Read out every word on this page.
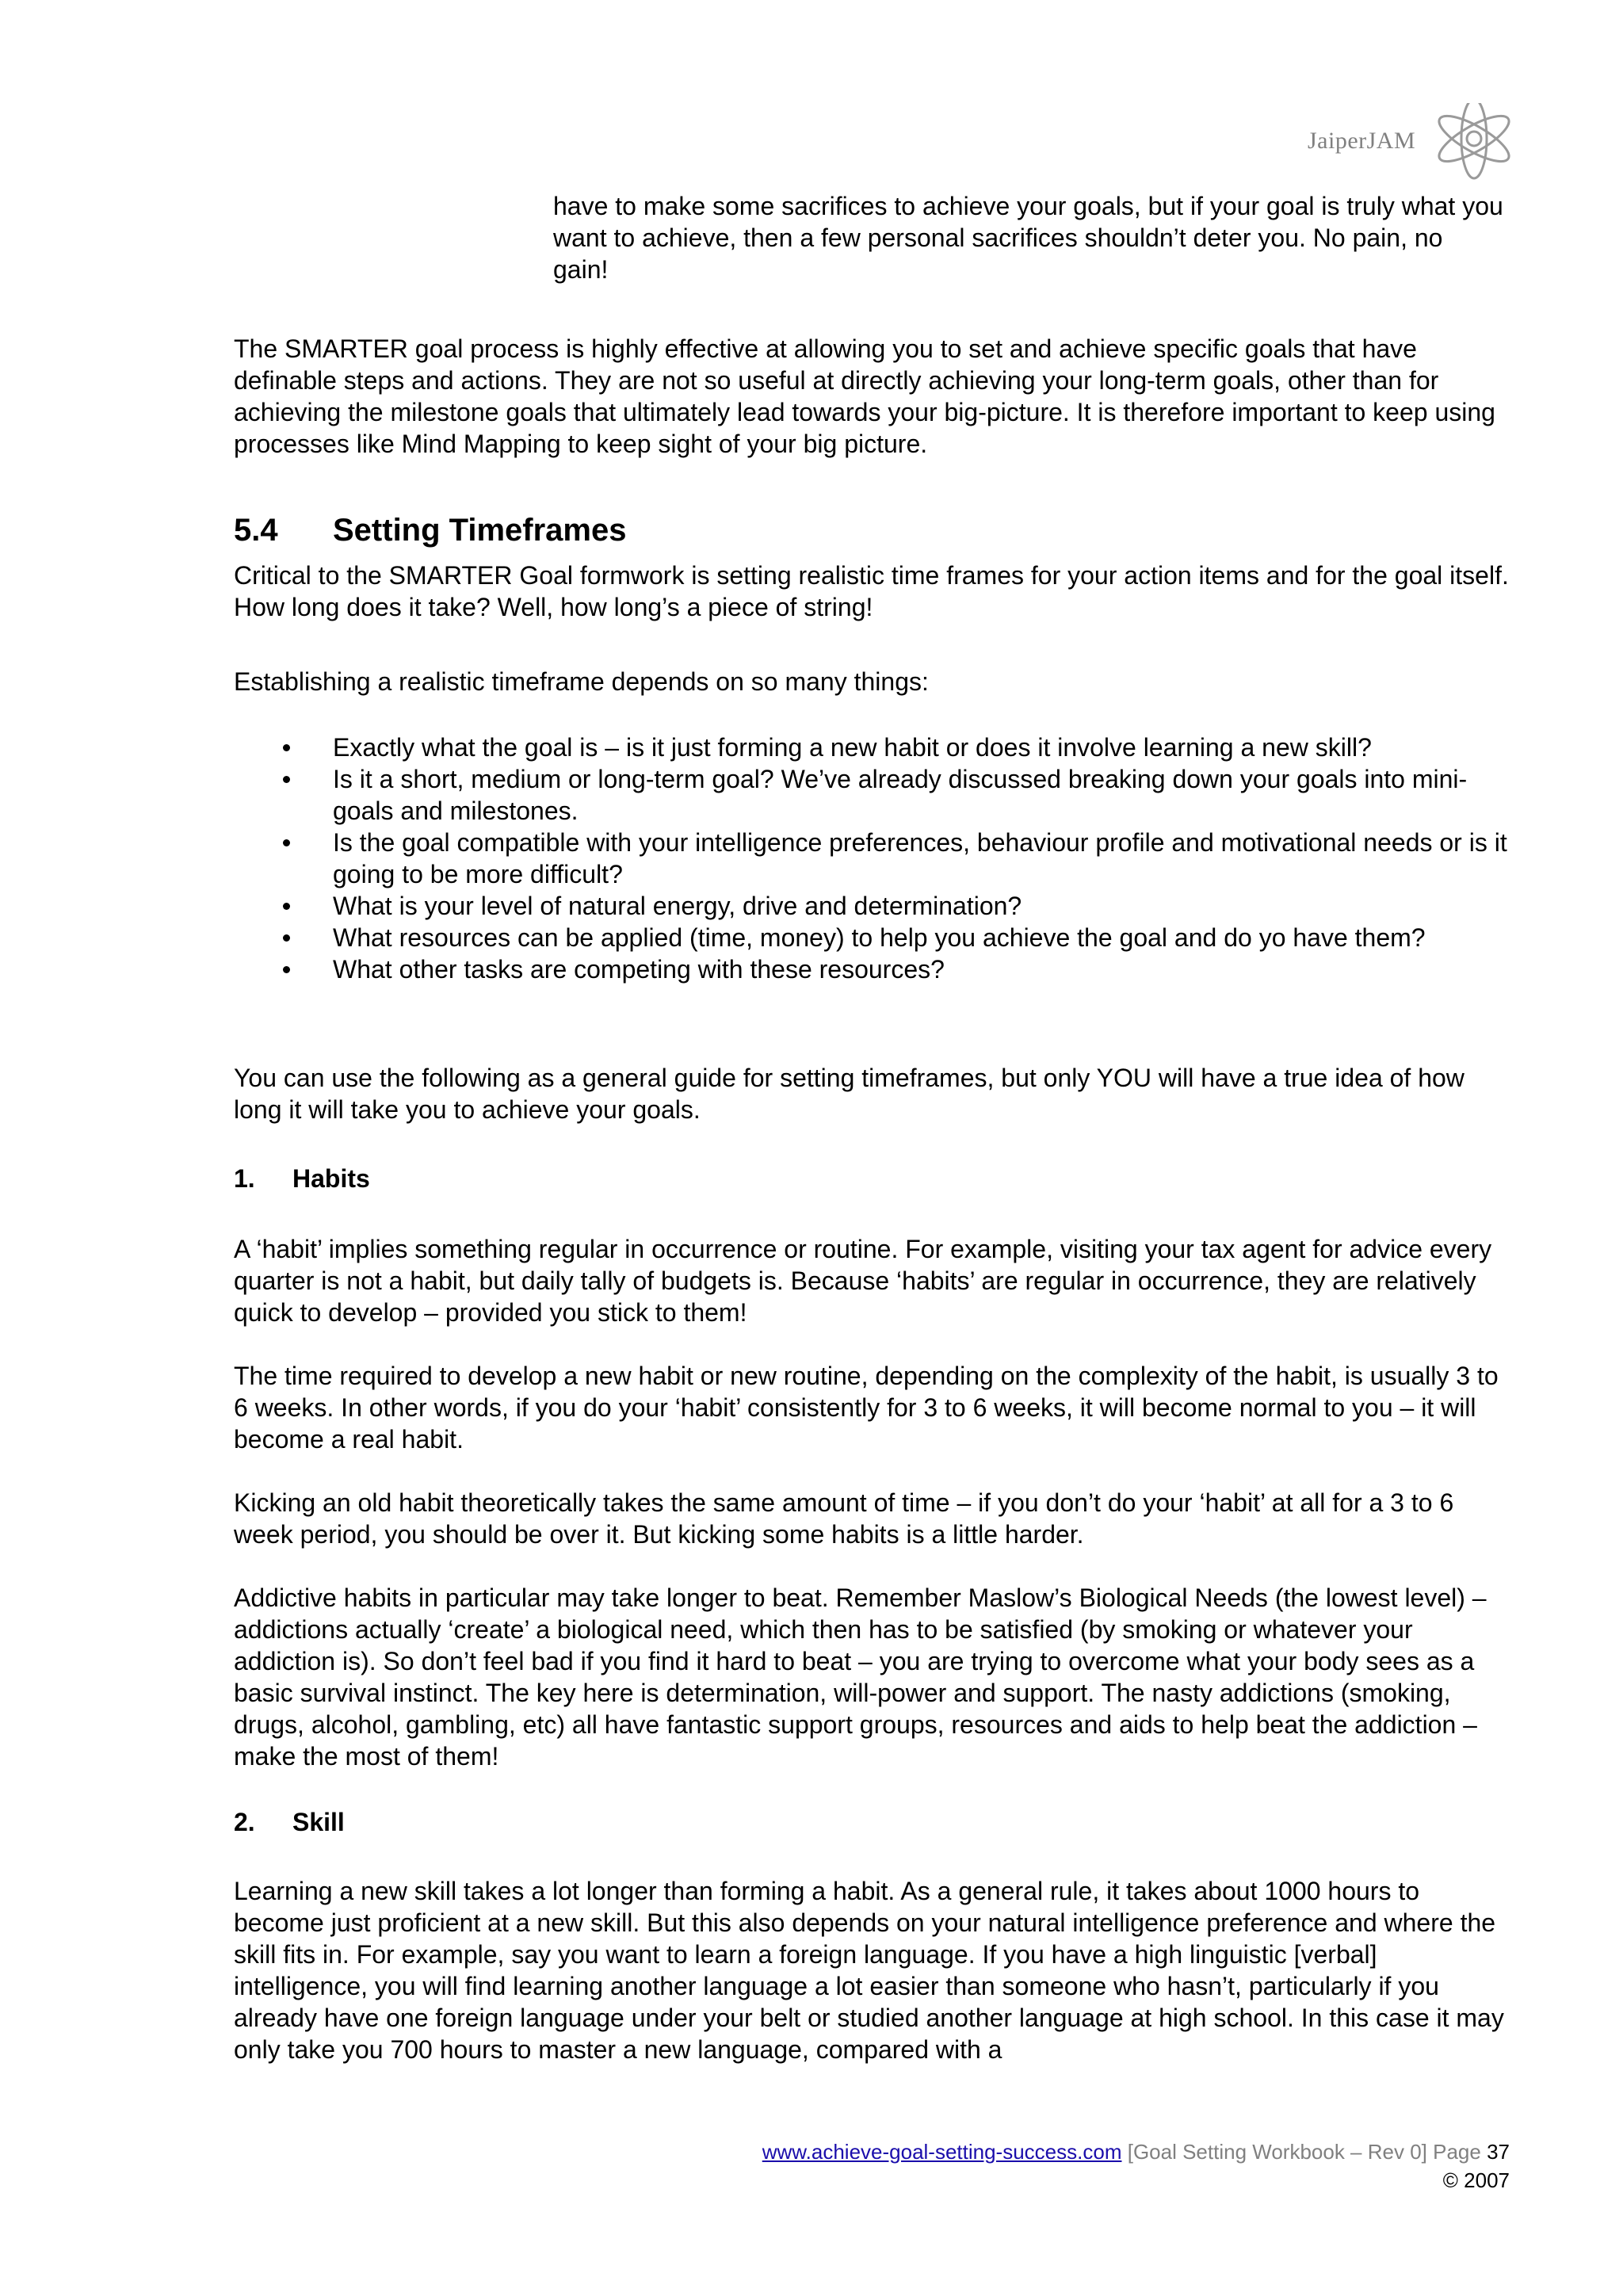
JaiperJAM

have to make some sacrifices to achieve your goals, but if your goal is truly what you want to achieve, then a few personal sacrifices shouldn’t deter you. No pain, no gain!

The SMARTER goal process is highly effective at allowing you to set and achieve specific goals that have definable steps and actions. They are not so useful at directly achieving your long-term goals, other than for achieving the milestone goals that ultimately lead towards your big-picture. It is therefore important to keep using processes like Mind Mapping to keep sight of your big picture.

5.4 Setting Timeframes

Critical to the SMARTER Goal formwork is setting realistic time frames for your action items and for the goal itself. How long does it take? Well, how long’s a piece of string!

Establishing a realistic timeframe depends on so many things:

Exactly what the goal is – is it just forming a new habit or does it involve learning a new skill?
Is it a short, medium or long-term goal? We’ve already discussed breaking down your goals into mini-goals and milestones.
Is the goal compatible with your intelligence preferences, behaviour profile and motivational needs or is it going to be more difficult?
What is your level of natural energy, drive and determination?
What resources can be applied (time, money) to help you achieve the goal and do yo have them?
What other tasks are competing with these resources?

You can use the following as a general guide for setting timeframes, but only YOU will have a true idea of how long it will take you to achieve your goals.

1. Habits

A ‘habit’ implies something regular in occurrence or routine. For example, visiting your tax agent for advice every quarter is not a habit, but daily tally of budgets is. Because ‘habits’ are regular in occurrence, they are relatively quick to develop – provided you stick to them!

The time required to develop a new habit or new routine, depending on the complexity of the habit, is usually 3 to 6 weeks. In other words, if you do your ‘habit’ consistently for 3 to 6 weeks, it will become normal to you – it will become a real habit.

Kicking an old habit theoretically takes the same amount of time – if you don’t do your ‘habit’ at all for a 3 to 6 week period, you should be over it. But kicking some habits is a little harder.

Addictive habits in particular may take longer to beat. Remember Maslow’s Biological Needs (the lowest level) – addictions actually ‘create’ a biological need, which then has to be satisfied (by smoking or whatever your addiction is). So don’t feel bad if you find it hard to beat – you are trying to overcome what your body sees as a basic survival instinct. The key here is determination, will-power and support. The nasty addictions (smoking, drugs, alcohol, gambling, etc) all have fantastic support groups, resources and aids to help beat the addiction – make the most of them!

2. Skill

Learning a new skill takes a lot longer than forming a habit. As a general rule, it takes about 1000 hours to become just proficient at a new skill. But this also depends on your natural intelligence preference and where the skill fits in. For example, say you want to learn a foreign language. If you have a high linguistic [verbal] intelligence, you will find learning another language a lot easier than someone who hasn’t, particularly if you already have one foreign language under your belt or studied another language at high school. In this case it may only take you 700 hours to master a new language, compared with a

www.achieve-goal-setting-success.com [Goal Setting Workbook – Rev 0] Page 37
© 2007
